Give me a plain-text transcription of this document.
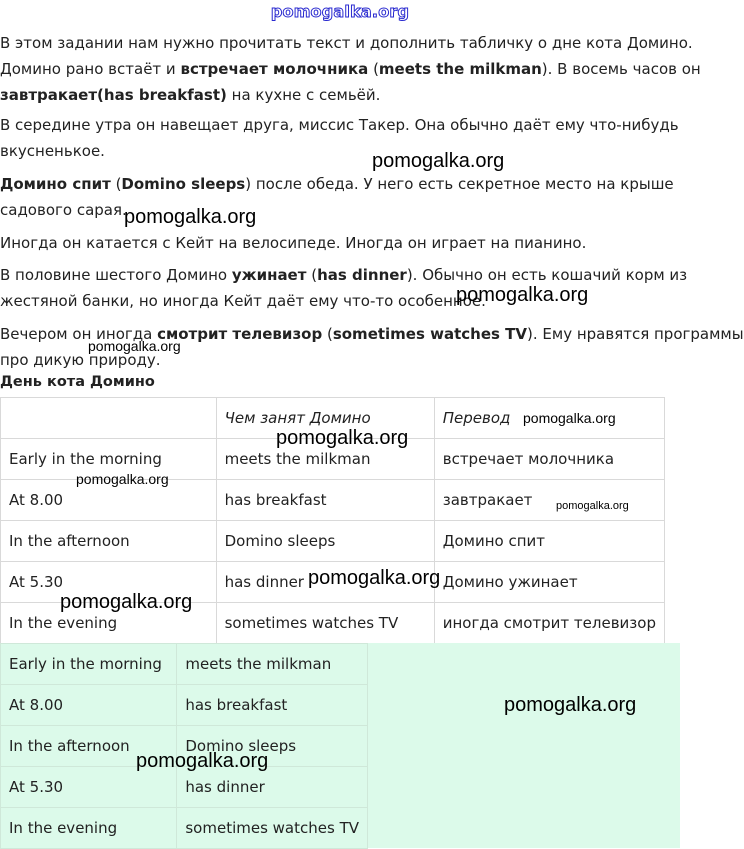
pomogalka.org

В этом задании нам нужно прочитать текст и дополнить табличку о дне кота Домино.
Домино рано встаёт и встречает молочника (meets the milkman). В восемь часов он
завтракает(has breakfast) на кухне с семьёй.

В середине утра он навещает друга, миссис Такер. Она обычно даёт ему что-нибудь
вкусненькое.

Домино спит (Domino sleeps) после обеда. У него есть секретное место на крыше
садового сарая.

Иногда он катается с Кейт на велосипеде. Иногда он играет на пианино.

В половине шестого Домино ужинает (has dinner). Обычно он есть кошачий корм из
жестяной банки, но иногда Кейт даёт ему что-то особенное.

Вечером он иногда смотрит телевизор (sometimes watches TV). Ему нравятся программы
про дикую природу.

День кота Домино
	Чем занят Домино	Перевод
Early in the morning	meets the milkman	встречает молочника
At 8.00	has breakfast	завтракает
In the afternoon	Domino sleeps	Домино спит
At 5.30	has dinner	Домино ужинает
In the evening	sometimes watches TV	иногда смотрит телевизор
Early in the morning	meets the milkman
At 8.00	has breakfast
In the afternoon	Domino sleeps
At 5.30	has dinner
In the evening	sometimes watches TV
pomogalka.org
pomogalka.org
pomogalka.org
pomogalka.org
pomogalka.org
pomogalka.org
pomogalka.org
pomogalka.org
pomogalka.org
pomogalka.org
pomogalka.org
pomogalka.org
